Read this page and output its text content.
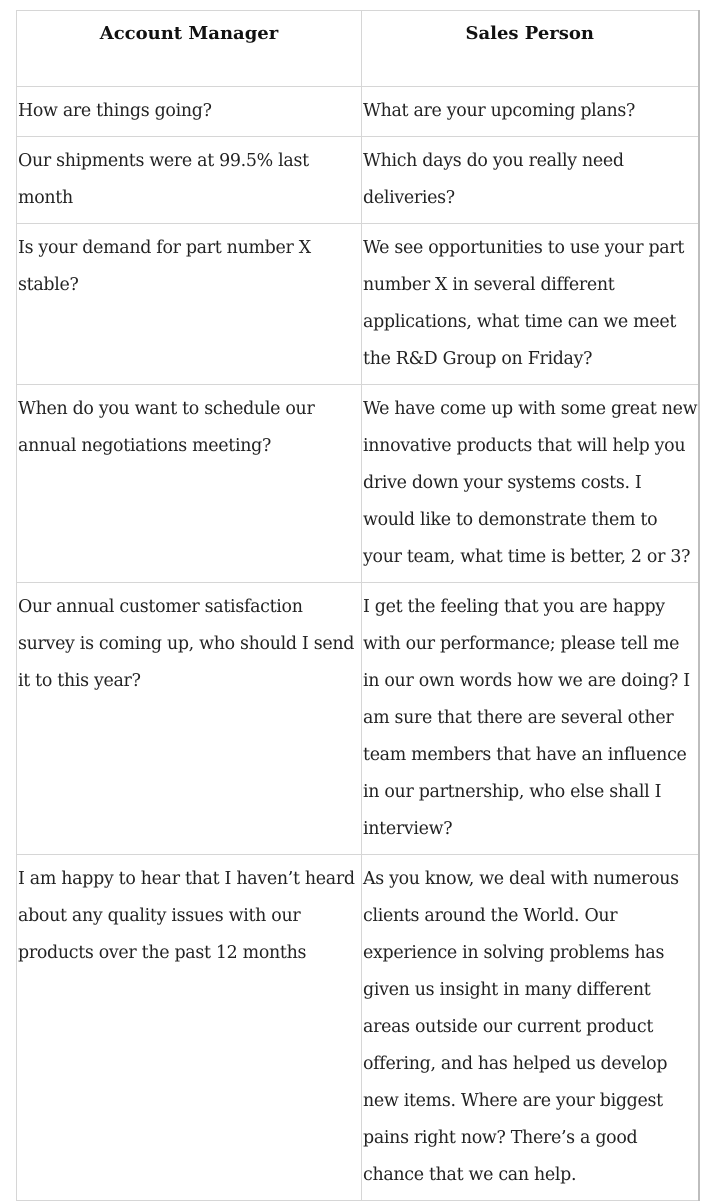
Account Manager	Sales Person
How are things going?	What are your upcoming plans?
Our shipments were at 99.5% last month	Which days do you really need deliveries?
Is your demand for part number X stable?	We see opportunities to use your part number X in several different applications, what time can we meet the R&D Group on Friday?
When do you want to schedule our annual negotiations meeting?	We have come up with some great new innovative products that will help you drive down your systems costs. I would like to demonstrate them to your team, what time is better, 2 or 3?
Our annual customer satisfaction survey is coming up, who should I send it to this year?	I get the feeling that you are happy with our performance; please tell me in our own words how we are doing? I am sure that there are several other team members that have an influence in our partnership, who else shall I interview?
I am happy to hear that I haven’t heard about any quality issues with our products over the past 12 months	As you know, we deal with numerous clients around the World. Our experience in solving problems has given us insight in many different areas outside our current product offering, and has helped us develop new items. Where are your biggest pains right now? There’s a good chance that we can help.
